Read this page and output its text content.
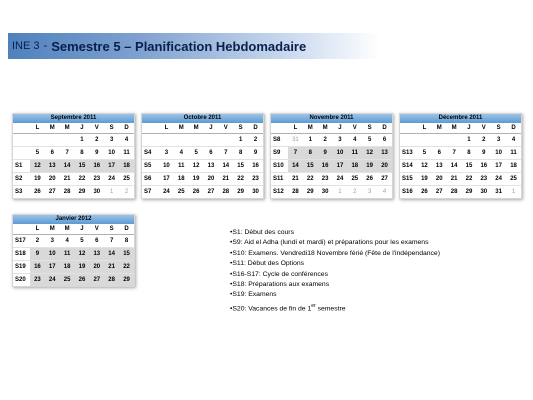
INE 3 - Semestre 5 – Planification Hebdomadaire
Septembre 2011
	L	M	M	J	V	S	D
				1	2	3	4
	5	6	7	8	9	10	11
S1	12	13	14	15	16	17	18
S2	19	20	21	22	23	24	25
S3	26	27	28	29	30	1	2
Octobre 2011
	L	M	M	J	V	S	D
						1	2
S4	3	4	5	6	7	8	9
S5	10	11	12	13	14	15	16
S6	17	18	19	20	21	22	23
S7	24	25	26	27	28	29	30
Novembre 2011
	L	M	M	J	V	S	D
S8	31	1	2	3	4	5	6
S9	7	8	9	10	11	12	13
S10	14	15	16	17	18	19	20
S11	21	22	23	24	25	26	27
S12	28	29	30	1	2	3	4
Décembre 2011
	L	M	M	J	V	S	D
				1	2	3	4
S13	5	6	7	8	9	10	11
S14	12	13	14	15	16	17	18
S15	19	20	21	22	23	24	25
S16	26	27	28	29	30	31	1
Janvier 2012
	L	M	M	J	V	S	D
S17	2	3	4	5	6	7	8
S18	9	10	11	12	13	14	15
S19	16	17	18	19	20	21	22
S20	23	24	25	26	27	28	29
•S1: Début des cours
•S9: Aid el Adha (lundi et mardi) et préparations pour les examens
•S10: Examens. Vendredi18 Novembre férié (Fête de l'indépendance)
•S11: Début des Options
•S16-S17: Cycle de conférences
•S18: Préparations aux examens
•S19: Examens
•S20: Vacances de fin de 1er semestre
